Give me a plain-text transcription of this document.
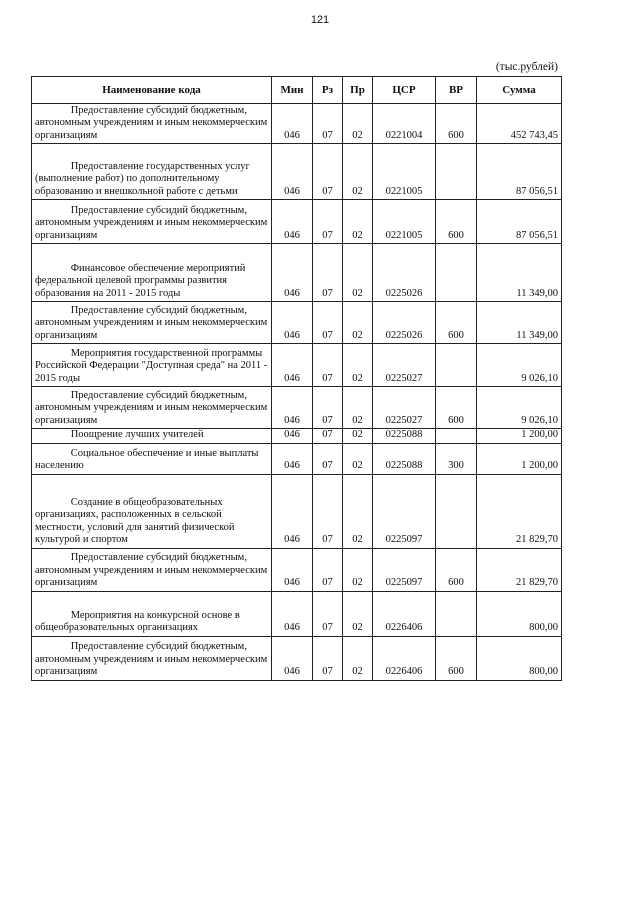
121
(тыс.рублей)
Наименование кода	Мин	Рз	Пр	ЦСР	ВР	Сумма
Предоставление субсидий бюджетным, автономным учреждениям и иным некоммерческим организациям	046	07	02	0221004	600	452 743,45
Предоставление государственных услуг (выполнение работ) по дополнительному образованию и внешкольной работе с детьми	046	07	02	0221005		87 056,51
Предоставление субсидий бюджетным, автономным учреждениям и иным некоммерческим организациям	046	07	02	0221005	600	87 056,51
Финансовое обеспечение мероприятий федеральной целевой программы развития образования на 2011 - 2015 годы	046	07	02	0225026		11 349,00
Предоставление субсидий бюджетным, автономным учреждениям и иным некоммерческим организациям	046	07	02	0225026	600	11 349,00
Мероприятия государственной программы Российской Федерации "Доступная среда" на 2011 - 2015 годы	046	07	02	0225027		9 026,10
Предоставление субсидий бюджетным, автономным учреждениям и иным некоммерческим организациям	046	07	02	0225027	600	9 026,10
Поощрение лучших учителей	046	07	02	0225088		1 200,00
Социальное обеспечение и иные выплаты населению	046	07	02	0225088	300	1 200,00
Создание в общеобразовательных организациях, расположенных в сельской местности, условий для занятий физической культурой и спортом	046	07	02	0225097		21 829,70
Предоставление субсидий бюджетным, автономным учреждениям и иным некоммерческим организациям	046	07	02	0225097	600	21 829,70
Мероприятия на конкурсной основе в общеобразовательных организациях	046	07	02	0226406		800,00
Предоставление субсидий бюджетным, автономным учреждениям и иным некоммерческим организациям	046	07	02	0226406	600	800,00
